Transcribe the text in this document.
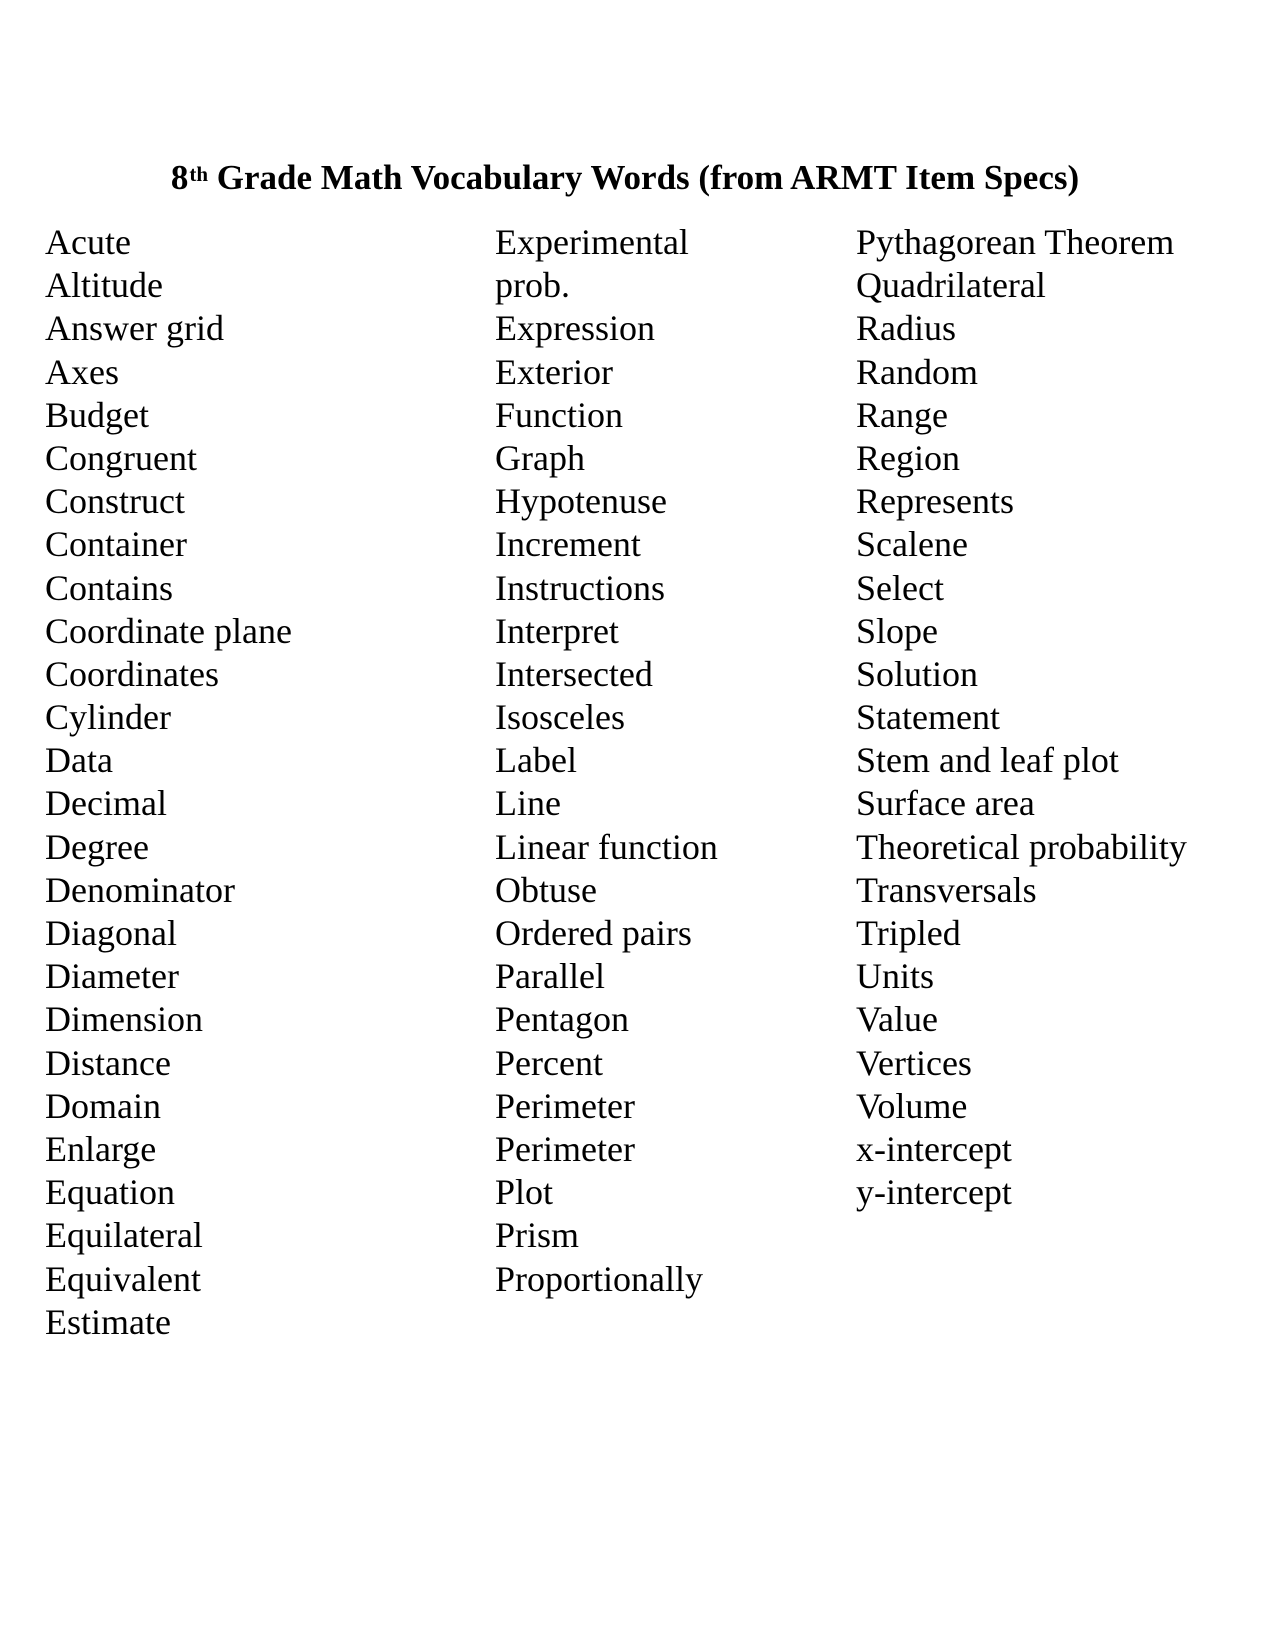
8th Grade Math Vocabulary Words (from ARMT Item Specs)
Acute
Altitude
Answer grid
Axes
Budget
Congruent
Construct
Container
Contains
Coordinate plane
Coordinates
Cylinder
Data
Decimal
Degree
Denominator
Diagonal
Diameter
Dimension
Distance
Domain
Enlarge
Equation
Equilateral
Equivalent
Estimate
Experimental
prob.
Expression
Exterior
Function
Graph
Hypotenuse
Increment
Instructions
Interpret
Intersected
Isosceles
Label
Line
Linear function
Obtuse
Ordered pairs
Parallel
Pentagon
Percent
Perimeter
Perimeter
Plot
Prism
Proportionally
Pythagorean Theorem
Quadrilateral
Radius
Random
Range
Region
Represents
Scalene
Select
Slope
Solution
Statement
Stem and leaf plot
Surface area
Theoretical probability
Transversals
Tripled
Units
Value
Vertices
Volume
x-intercept
y-intercept
